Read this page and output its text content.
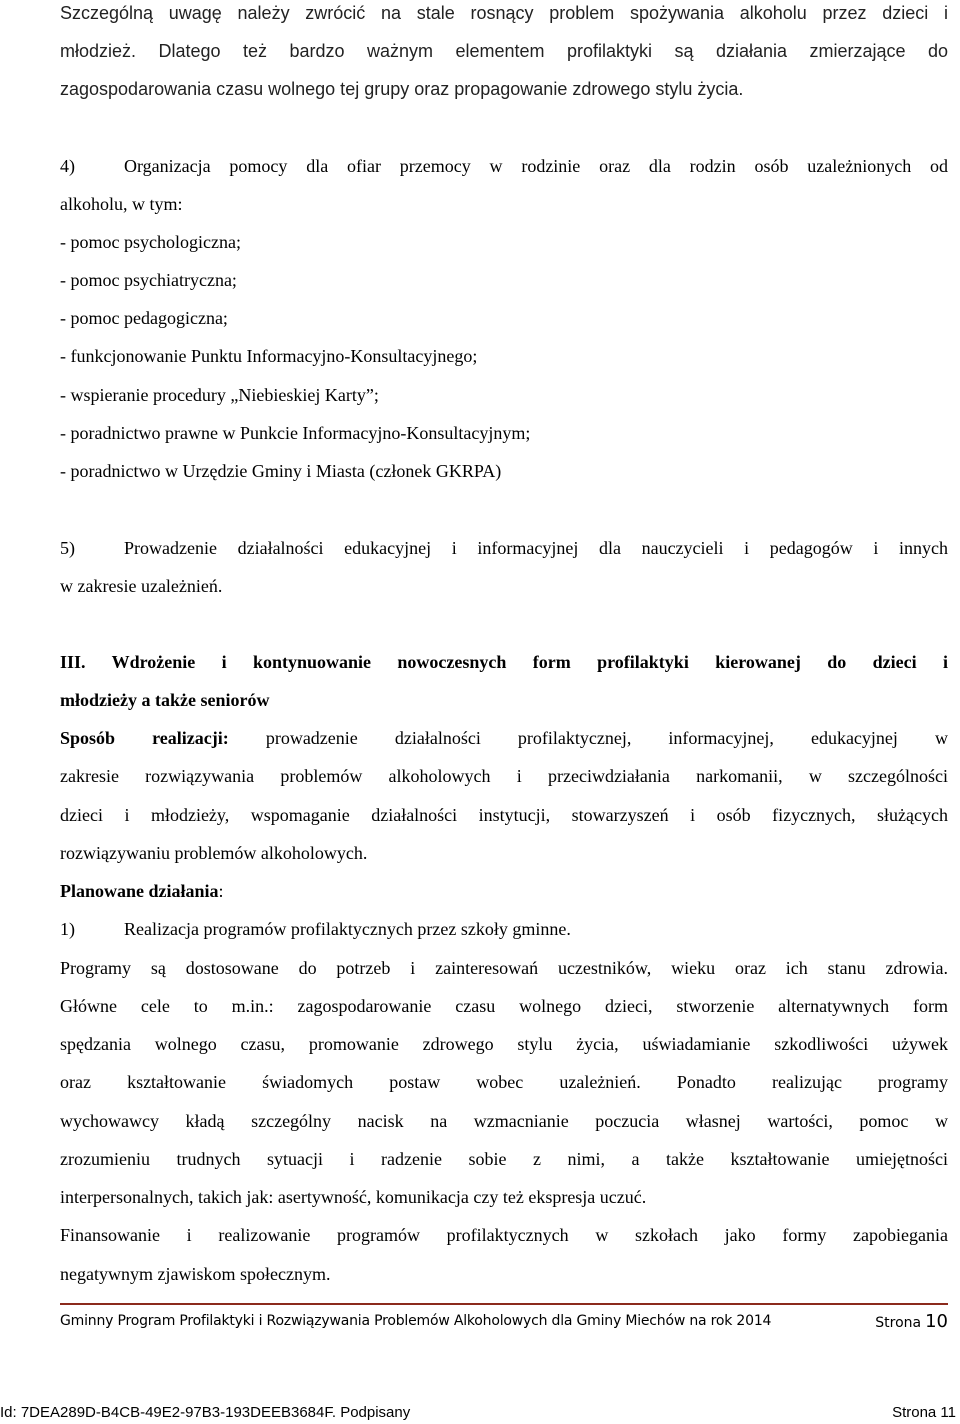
Szczególną uwagę należy zwrócić na stale rosnący problem spożywania alkoholu przez dzieci i
młodzież. Dlatego też bardzo ważnym elementem profilaktyki są działania zmierzające do
zagospodarowania czasu wolnego tej grupy oraz propagowanie zdrowego stylu życia.
4)	Organizacja pomocy dla ofiar przemocy w rodzinie oraz dla rodzin osób uzależnionych od
alkoholu, w tym:
- pomoc psychologiczna;
- pomoc psychiatryczna;
- pomoc pedagogiczna;
- funkcjonowanie Punktu Informacyjno-Konsultacyjnego;
- wspieranie procedury „Niebieskiej Karty”;
- poradnictwo prawne w Punkcie Informacyjno-Konsultacyjnym;
- poradnictwo w Urzędzie Gminy i Miasta (członek GKRPA)
5)	Prowadzenie działalności edukacyjnej i informacyjnej dla nauczycieli i pedagogów i innych
w zakresie uzależnień.
III. Wdrożenie i kontynuowanie nowoczesnych form profilaktyki kierowanej do dzieci i
młodzieży a także seniorów
Sposób realizacji: prowadzenie działalności profilaktycznej, informacyjnej, edukacyjnej w
zakresie rozwiązywania problemów alkoholowych i przeciwdziałania narkomanii, w szczególności
dzieci i młodzieży, wspomaganie działalności instytucji, stowarzyszeń i osób fizycznych, służących
rozwiązywaniu problemów alkoholowych.
Planowane działania:
1)	Realizacja programów profilaktycznych przez szkoły gminne.
Programy są dostosowane do potrzeb i zainteresowań uczestników, wieku oraz ich stanu zdrowia.
Główne cele to m.in.: zagospodarowanie czasu wolnego dzieci, stworzenie alternatywnych form
spędzania wolnego czasu, promowanie zdrowego stylu życia, uświadamianie szkodliwości używek
oraz kształtowanie świadomych postaw wobec uzależnień. Ponadto realizując programy
wychowawcy kładą szczególny nacisk na wzmacnianie poczucia własnej wartości, pomoc w
zrozumieniu trudnych sytuacji i radzenie sobie z nimi, a także kształtowanie umiejętności
interpersonalnych, takich jak: asertywność, komunikacja czy też ekspresja uczuć.
Finansowanie i realizowanie programów profilaktycznych w szkołach jako formy zapobiegania
negatywnym zjawiskom społecznym.
Gminny Program Profilaktyki i Rozwiązywania Problemów Alkoholowych dla Gminy Miechów na rok 2014	Strona 10
Id: 7DEA289D-B4CB-49E2-97B3-193DEEB3684F. Podpisany	Strona 11
